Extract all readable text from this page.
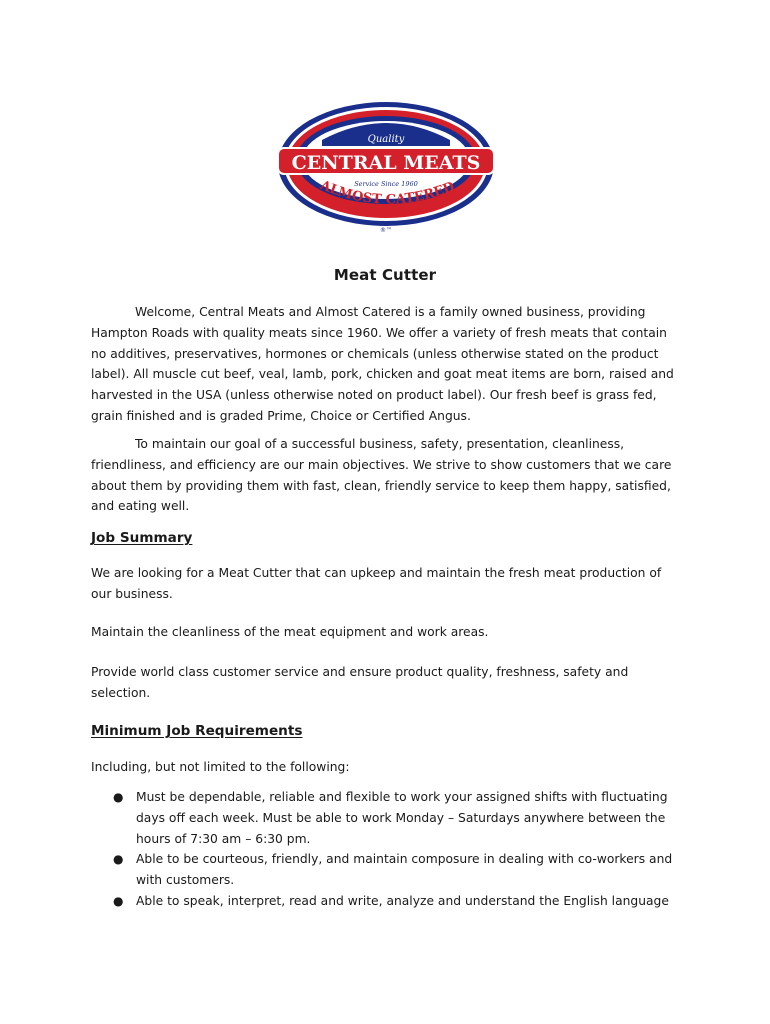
Quality
CENTRAL MEATS
Service Since 1960
ALMOST CATERED
®™
Meat Cutter

Welcome, Central Meats and Almost Catered is a family owned business, providing Hampton Roads with quality meats since 1960. We offer a variety of fresh meats that contain no additives, preservatives, hormones or chemicals (unless otherwise stated on the product label). All muscle cut beef, veal, lamb, pork, chicken and goat meat items are born, raised and harvested in the USA (unless otherwise noted on product label). Our fresh beef is grass fed, grain finished and is graded Prime, Choice or Certified Angus.

To maintain our goal of a successful business, safety, presentation, cleanliness, friendliness, and efficiency are our main objectives. We strive to show customers that we care about them by providing them with fast, clean, friendly service to keep them happy, satisfied, and eating well.

Job Summary

We are looking for a Meat Cutter that can upkeep and maintain the fresh meat production of our business.

Maintain the cleanliness of the meat equipment and work areas.

Provide world class customer service and ensure product quality, freshness, safety and selection.

Minimum Job Requirements

Including, but not limited to the following:

● Must be dependable, reliable and flexible to work your assigned shifts with fluctuating days off each week. Must be able to work Monday – Saturdays anywhere between the hours of 7:30 am – 6:30 pm.
● Able to be courteous, friendly, and maintain composure in dealing with co-workers and with customers.
● Able to speak, interpret, read and write, analyze and understand the English language
